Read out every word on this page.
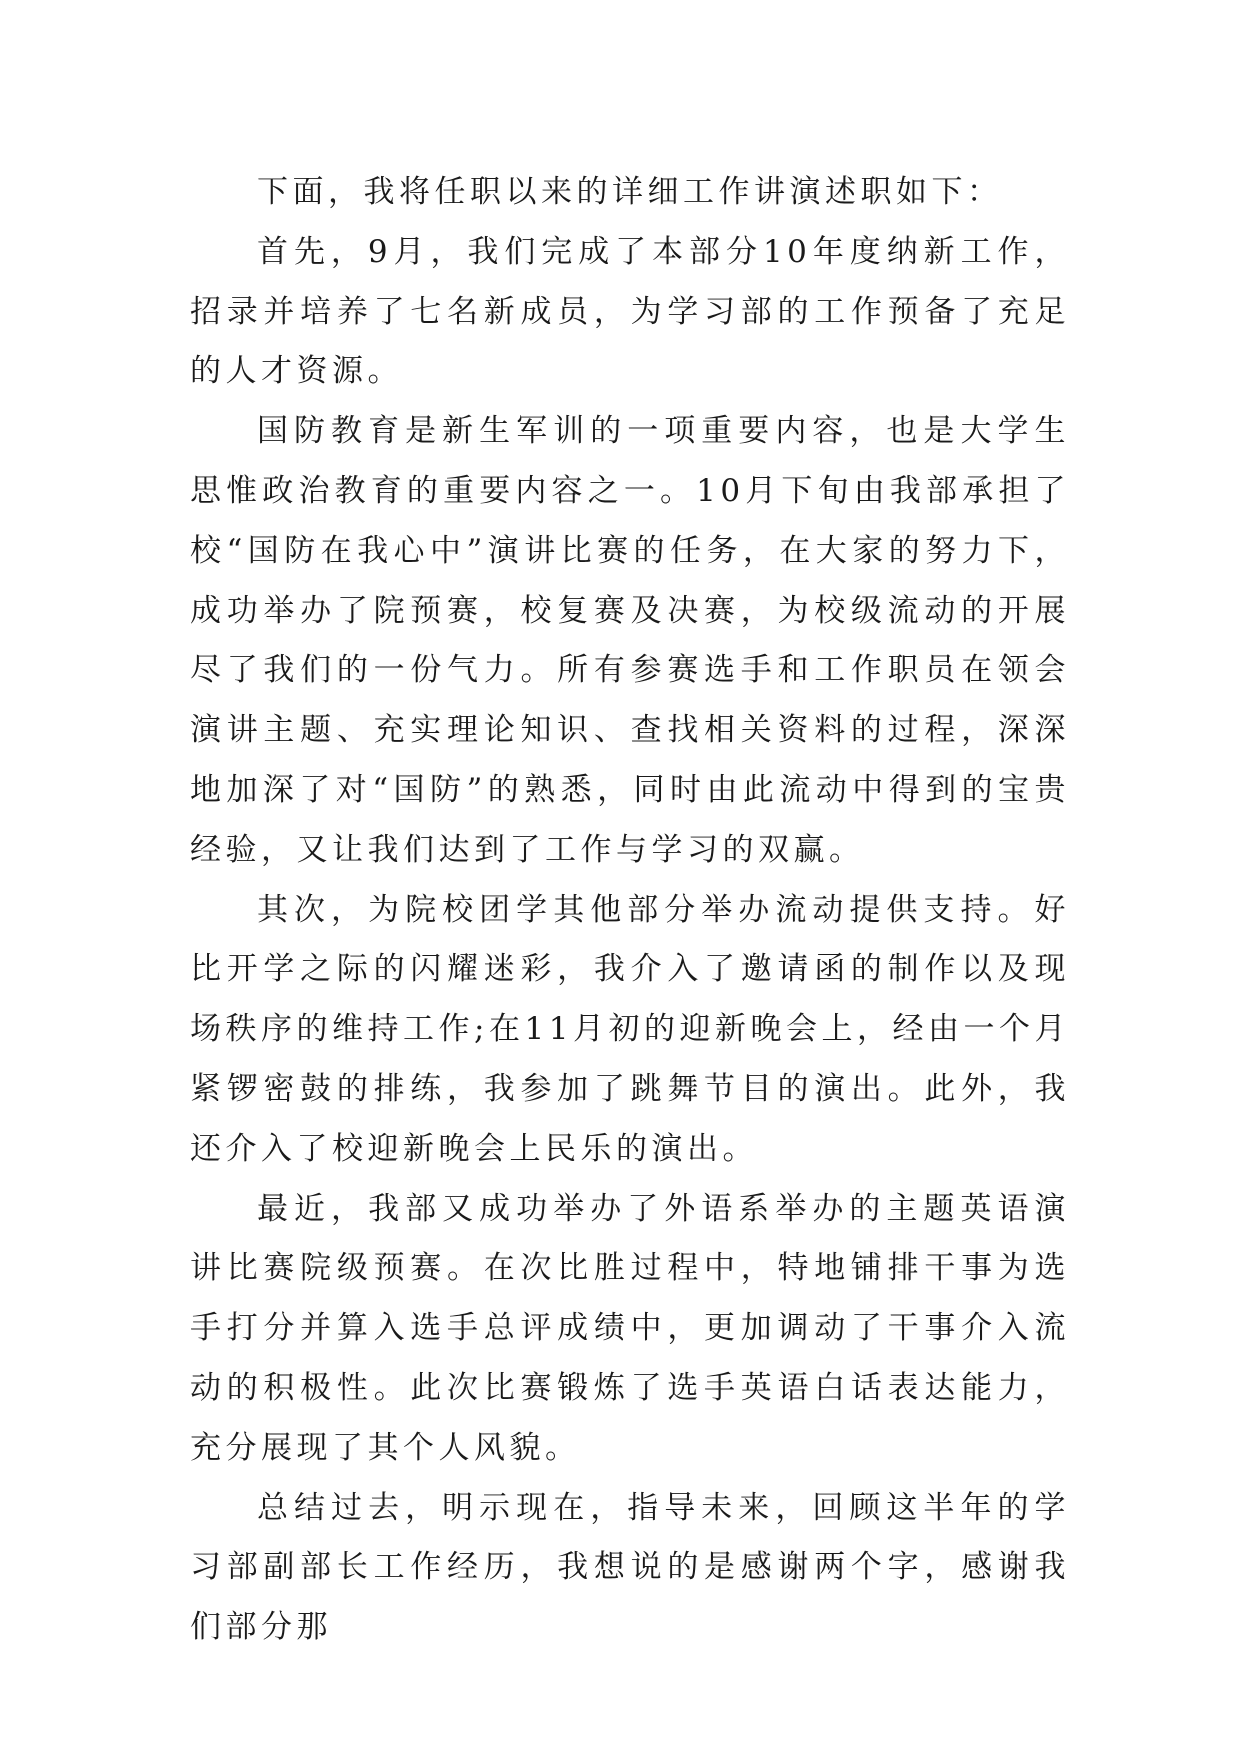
下面，我将任职以来的详细工作讲演述职如下：

首先，9月，我们完成了本部分10年度纳新工作，招录并培养了七名新成员，为学习部的工作预备了充足的人才资源。

国防教育是新生军训的一项重要内容，也是大学生思惟政治教育的重要内容之一。10月下旬由我部承担了校“国防在我心中”演讲比赛的任务，在大家的努力下，成功举办了院预赛，校复赛及决赛，为校级流动的开展尽了我们的一份气力。所有参赛选手和工作职员在领会演讲主题、充实理论知识、查找相关资料的过程，深深地加深了对“国防”的熟悉，同时由此流动中得到的宝贵经验，又让我们达到了工作与学习的双赢。

其次，为院校团学其他部分举办流动提供支持。好比开学之际的闪耀迷彩，我介入了邀请函的制作以及现场秩序的维持工作;在11月初的迎新晚会上，经由一个月紧锣密鼓的排练，我参加了跳舞节目的演出。此外，我还介入了校迎新晚会上民乐的演出。

最近，我部又成功举办了外语系举办的主题英语演讲比赛院级预赛。在次比胜过程中，特地铺排干事为选手打分并算入选手总评成绩中，更加调动了干事介入流动的积极性。此次比赛锻炼了选手英语白话表达能力，充分展现了其个人风貌。

总结过去，明示现在，指导未来，回顾这半年的学习部副部长工作经历，我想说的是感谢两个字，感谢我们部分那
